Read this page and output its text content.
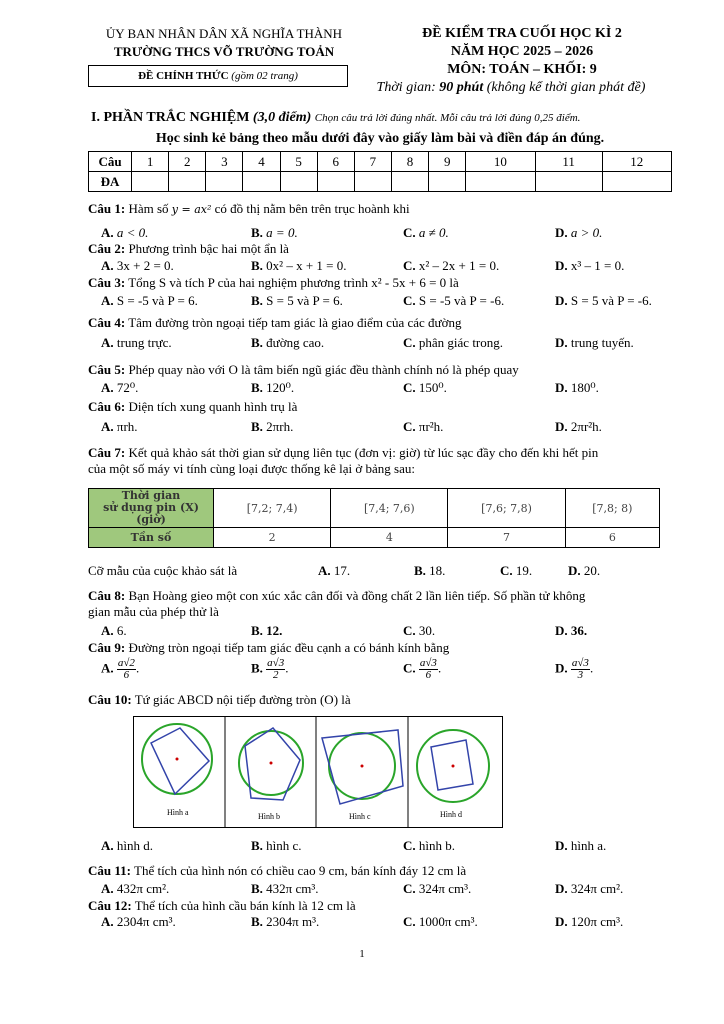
ỦY BAN NHÂN DÂN XÃ NGHĨA THÀNH
TRƯỜNG THCS VÕ TRƯỜNG TOẢN
ĐỀ CHÍNH THỨC (gồm 02 trang)
ĐỀ KIỂM TRA CUỐI HỌC KÌ 2
NĂM HỌC 2025 – 2026
MÔN: TOÁN – KHỐI: 9
Thời gian: 90 phút (không kể thời gian phát đề)
I. PHẦN TRẮC NGHIỆM (3,0 điểm) Chọn câu trả lời đúng nhất. Mỗi câu trả lời đúng 0,25 điểm.
Học sinh kẻ bảng theo mẫu dưới đây vào giấy làm bài và điền đáp án đúng.
Câu	1	2	3	4	5	6	7	8	9	10	11	12
ĐA												
Câu 1: Hàm số y = ax² có đồ thị nằm bên trên trục hoành khi
A. a < 0.	B. a = 0.	C. a ≠ 0.	D. a > 0.
Câu 2: Phương trình bậc hai một ẩn là
A. 3x + 2 = 0.	B. 0x² – x + 1 = 0.	C. x² – 2x + 1 = 0.	D. x³ – 1 = 0.
Câu 3: Tổng S và tích P của hai nghiệm phương trình x² - 5x + 6 = 0 là
A. S = -5 và P = 6.	B. S = 5 và P = 6.	C. S = -5 và P = -6.	D. S = 5 và P = -6.
Câu 4: Tâm đường tròn ngoại tiếp tam giác là giao điểm của các đường
A. trung trực.	B. đường cao.	C. phân giác trong.	D. trung tuyến.
Câu 5: Phép quay nào với O là tâm biến ngũ giác đều thành chính nó là phép quay
A. 72⁰.	B. 120⁰.	C. 150⁰.	D. 180⁰.
Câu 6: Diện tích xung quanh hình trụ là
A. πrh.	B. 2πrh.	C. πr²h.	D. 2πr²h.
Câu 7: Kết quả khảo sát thời gian sử dụng liên tục (đơn vị: giờ) từ lúc sạc đầy cho đến khi hết pin
của một số máy vi tính cùng loại được thống kê lại ở bảng sau:
Thời gian
sử dụng pin (X)
(giờ)	[7,2; 7,4)	[7,4; 7,6)	[7,6; 7,8)	[7,8; 8)
Tần số	2	4	7	6
Cỡ mẫu của cuộc khảo sát là	A. 17.	B. 18.	C. 19.	D. 20.
Câu 8: Bạn Hoàng gieo một con xúc xắc cân đối và đồng chất 2 lần liên tiếp. Số phần tử không
gian mẫu của phép thử là
A. 6.	B. 12.	C. 30.	D. 36.
Câu 9: Đường tròn ngoại tiếp tam giác đều cạnh a có bánh kính bằng
A. $\frac{a√2}{6}$ .	B. $\frac{a√3}{2}$ .	C. $\frac{a√3}{6}$ .	D. $\frac{a√3}{3}$ .
Câu 10: Tứ giác ABCD nội tiếp đường tròn (O) là
Hình a	Hình b	Hình c	Hình d
A. hình d.	B. hình c.	C. hình b.	D. hình a.
Câu 11: Thể tích của hình nón có chiều cao 9 cm, bán kính đáy 12 cm là
A. 432π cm².	B. 432π cm³.	C. 324π cm³.	D. 324π cm².
Câu 12: Thể tích của hình cầu bán kính là 12 cm là
A. 2304π cm³.	B. 2304π m³.	C. 1000π cm³.	D. 120π cm³.
1
